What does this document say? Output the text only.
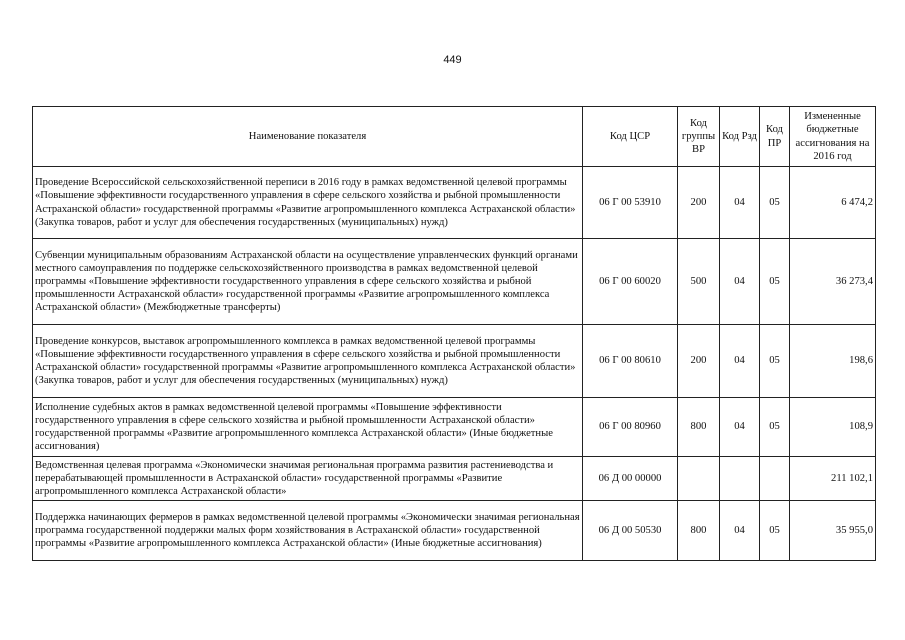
449
Наименование показателя	Код ЦСР	Код группы ВР	Код Рзд	Код ПР	Измененные бюджетные ассигнования на 2016 год
Проведение Всероссийской сельскохозяйственной переписи в 2016 году в рамках ведомственной целевой программы «Повышение эффективности государственного управления в сфере сельского хозяйства и рыбной промышленности Астраханской области» государственной программы «Развитие агропромышленного комплекса Астраханской области» (Закупка товаров, работ и услуг для обеспечения государственных (муниципальных) нужд)	06 Г 00 53910	200	04	05	6 474,2
Субвенции муниципальным образованиям Астраханской области на осуществление управленческих функций органами местного самоуправления по поддержке сельскохозяйственного производства в рамках ведомственной целевой программы «Повышение эффективности государственного управления в сфере сельского хозяйства и рыбной промышленности Астраханской области» государственной программы «Развитие агропромышленного комплекса Астраханской области» (Межбюджетные трансферты)	06 Г 00 60020	500	04	05	36 273,4
Проведение конкурсов, выставок агропромышленного комплекса в рамках ведомственной целевой программы «Повышение эффективности государственного управления в сфере сельского хозяйства и рыбной промышленности Астраханской области» государственной программы «Развитие агропромышленного комплекса Астраханской области» (Закупка товаров, работ и услуг для обеспечения государственных (муниципальных) нужд)	06 Г 00 80610	200	04	05	198,6
Исполнение судебных актов в рамках ведомственной целевой программы «Повышение эффективности государственного управления в сфере сельского хозяйства и рыбной промышленности Астраханской области» государственной программы «Развитие агропромышленного комплекса Астраханской области» (Иные бюджетные ассигнования)	06 Г 00 80960	800	04	05	108,9
Ведомственная целевая программа «Экономически значимая региональная программа развития растениеводства и перерабатывающей промышленности в Астраханской области» государственной программы «Развитие агропромышленного комплекса Астраханской области»	06 Д 00 00000				211 102,1
Поддержка начинающих фермеров в рамках ведомственной целевой программы «Экономически значимая региональная программа государственной поддержки малых форм хозяйствования в Астраханской области» государственной программы «Развитие агропромышленного комплекса Астраханской области» (Иные бюджетные ассигнования)	06 Д 00 50530	800	04	05	35 955,0
